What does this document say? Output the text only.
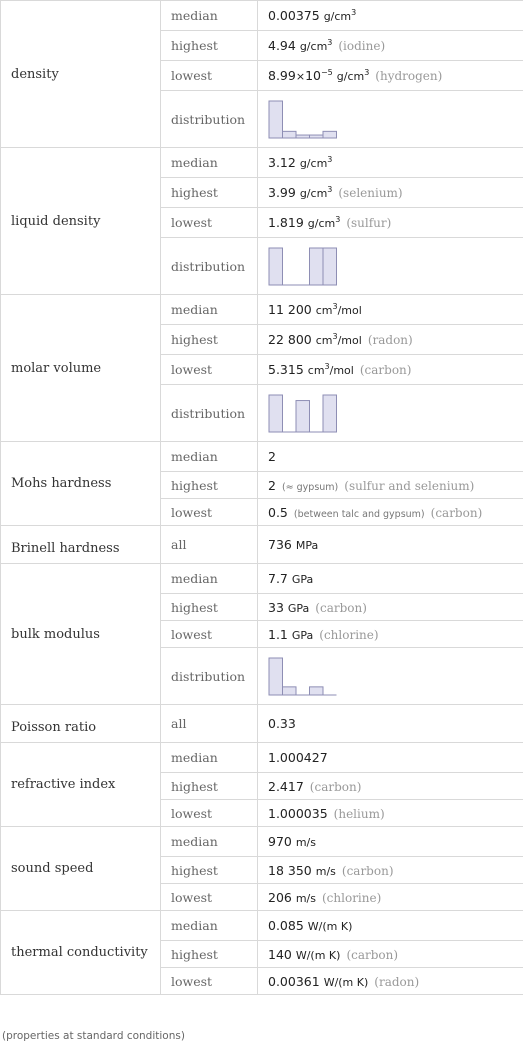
density	median	0.00375 $g/cm^3$
	highest	4.94 $g/cm^3$ (iodine)
	lowest	$8.99\times 10^{-5}$ $g/cm^3$ (hydrogen)
	distribution	

liquid density	median	3.12 $g/cm^3$
	highest	3.99 $g/cm^3$ (selenium)
	lowest	1.819 $g/cm^3$ (sulfur)
	distribution	

molar volume	median	11 200 $cm^3$/mol
	highest	22 800 $cm^3$/mol (radon)
	lowest	5.315 $cm^3$/mol (carbon)
	distribution	

Mohs hardness	median	2
	highest	2 (≈ gypsum) (sulfur and selenium)
	lowest	0.5 (between talc and gypsum) (carbon)
Brinell hardness	all	736 MPa
bulk modulus	median	7.7 GPa
	highest	33 GPa (carbon)
	lowest	1.1 GPa (chlorine)
	distribution	

Poisson ratio	all	0.33
refractive index	median	1.000427
	highest	2.417 (carbon)
	lowest	1.000035 (helium)
sound speed	median	970 m/s
	highest	18 350 m/s (carbon)
	lowest	206 m/s (chlorine)
thermal conductivity	median	0.085 W/(m K)
	highest	140 W/(m K) (carbon)
	lowest	0.00361 W/(m K) (radon)
(properties at standard conditions)
